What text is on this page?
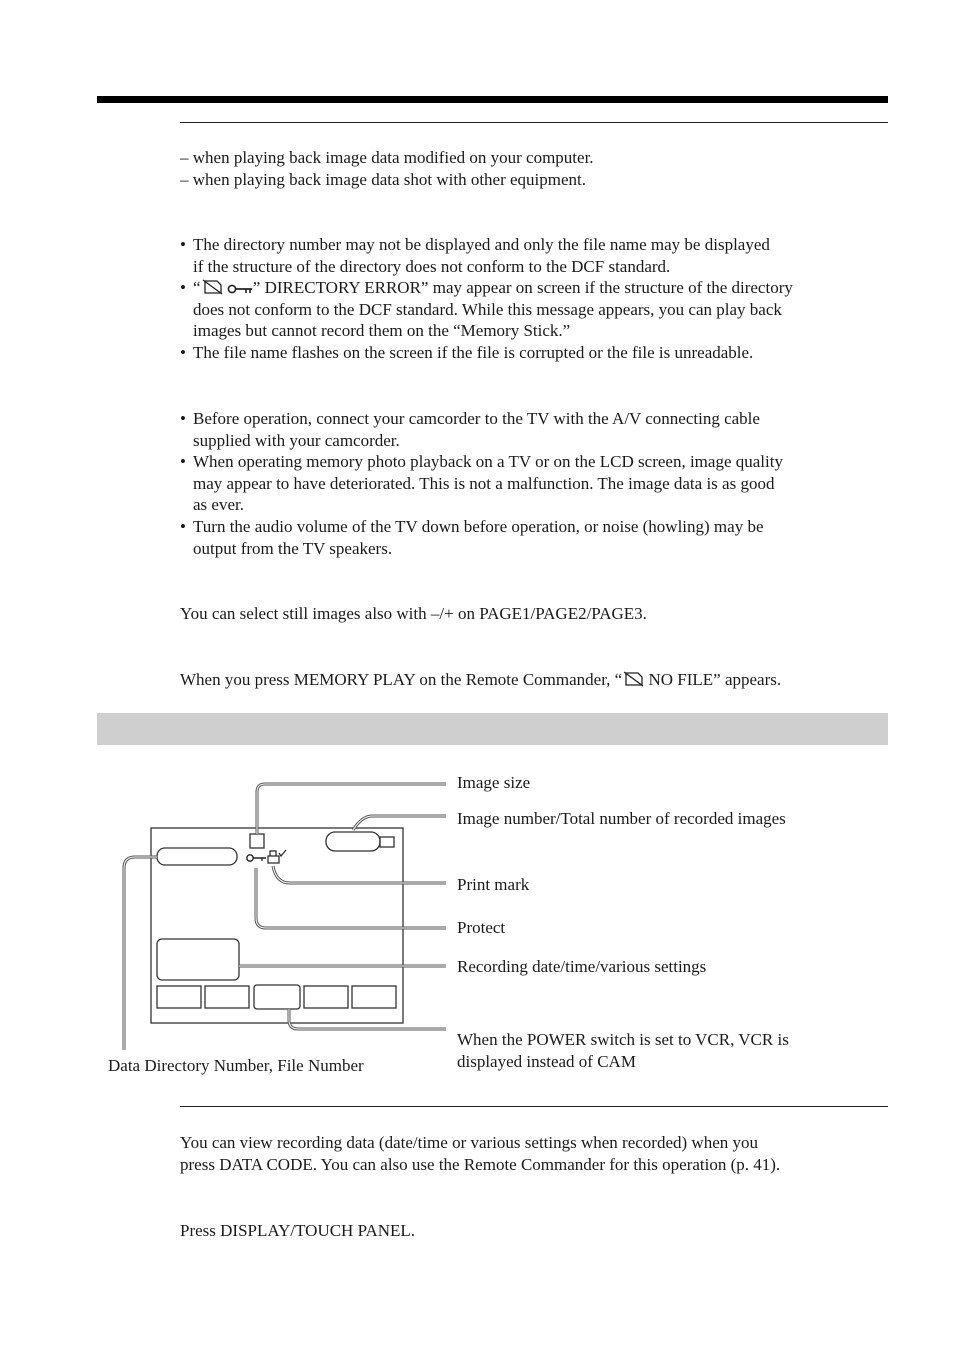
– when playing back image data modified on your computer.
– when playing back image data shot with other equipment.
• The directory number may not be displayed and only the file name may be displayed
if the structure of the directory does not conform to the DCF standard.
• “	” DIRECTORY ERROR” may appear on screen if the structure of the directory
does not conform to the DCF standard. While this message appears, you can play back
images but cannot record them on the “Memory Stick.”
• The file name flashes on the screen if the file is corrupted or the file is unreadable.
• Before operation, connect your camcorder to the TV with the A/V connecting cable
supplied with your camcorder.
• When operating memory photo playback on a TV or on the LCD screen, image quality
may appear to have deteriorated. This is not a malfunction. The image data is as good
as ever.
• Turn the audio volume of the TV down before operation, or noise (howling) may be
output from the TV speakers.
You can select still images also with –/+ on PAGE1/PAGE2/PAGE3.
When you press MEMORY PLAY on the Remote Commander, “ NO FILE” appears.
Image size
Image number/Total number of recorded images
Print mark
Protect
Recording date/time/various settings
When the POWER switch is set to VCR, VCR is
displayed instead of CAM
Data Directory Number, File Number
You can view recording data (date/time or various settings when recorded) when you
press DATA CODE. You can also use the Remote Commander for this operation (p. 41).
Press DISPLAY/TOUCH PANEL.
